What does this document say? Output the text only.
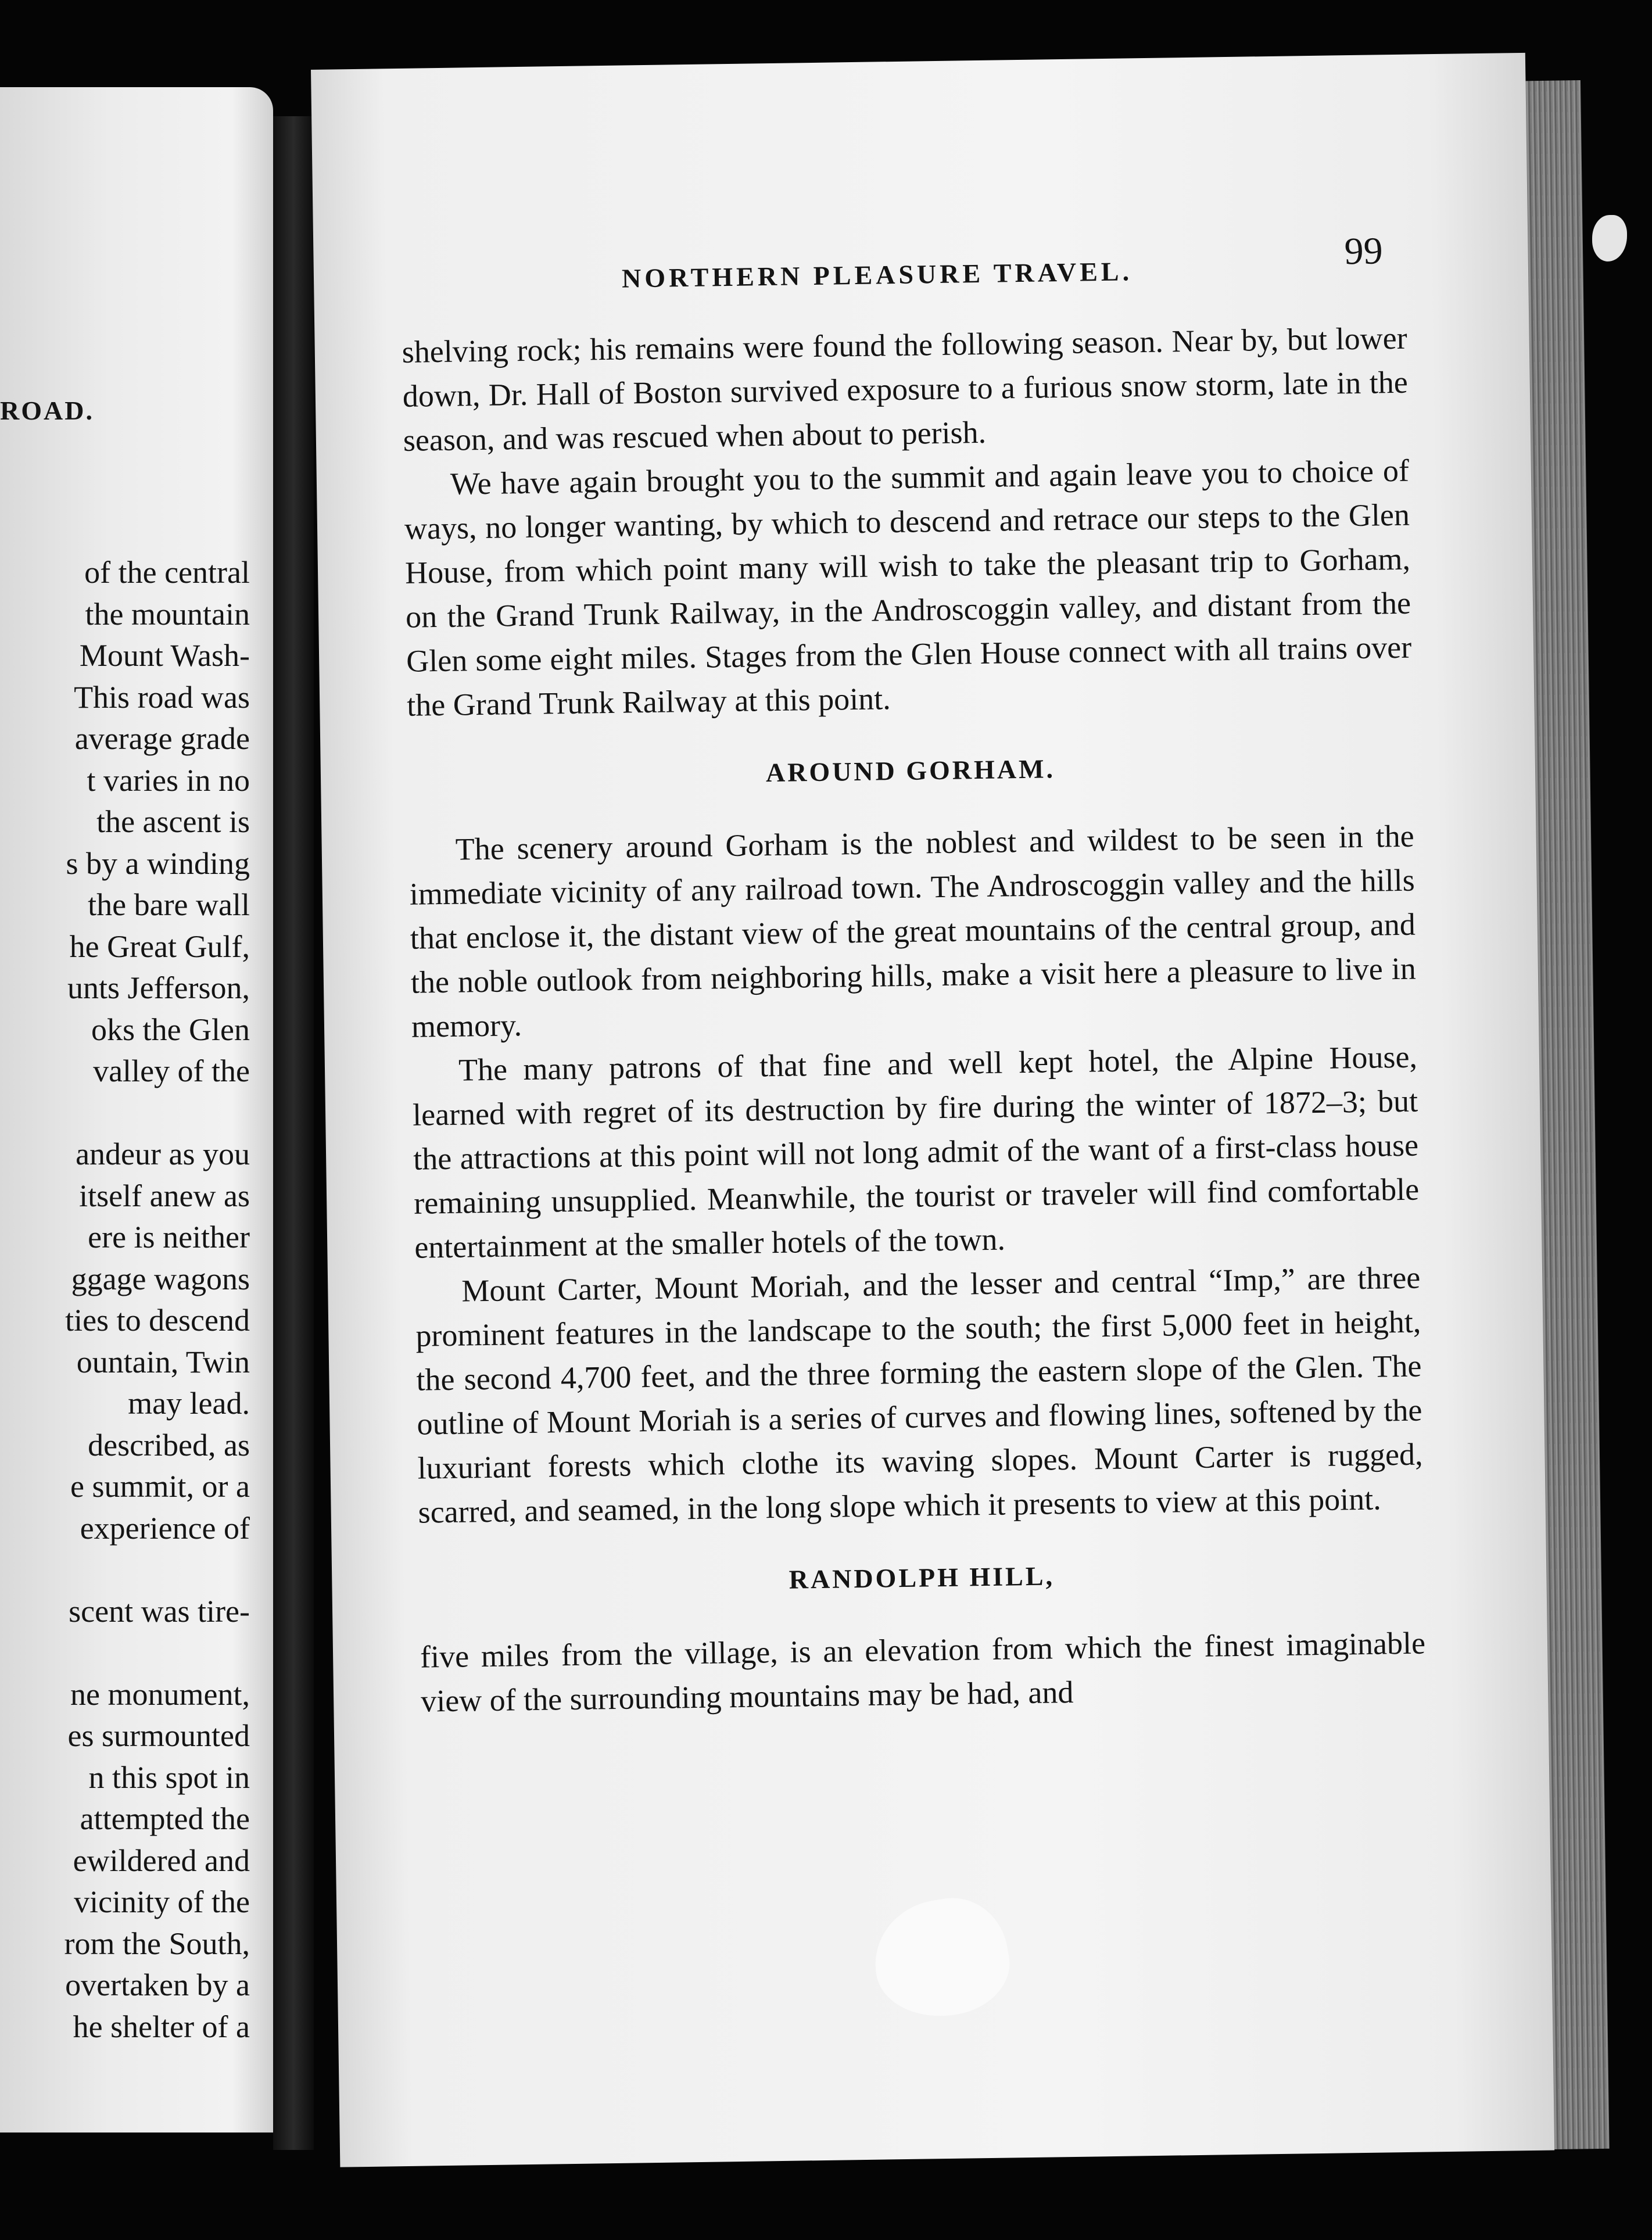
ROAD.
of the central
the mountain
Mount Wash-
This road was
average grade
t varies in no
the ascent is
s by a winding
the bare wall
he Great Gulf,
unts Jefferson,
oks the Glen
valley of the
andeur as you
itself anew as
ere is neither
ggage wagons
ties to descend
ountain, Twin
may lead.
described, as
e summit, or a
experience of
scent was tire-
ne monument,
es surmounted
n this spot in
attempted the
ewildered and
vicinity of the
rom the South,
overtaken by a
he shelter of a
NORTHERN PLEASURE TRAVEL.
99

shelving rock; his remains were found the following season. Near by, but lower down, Dr. Hall of Boston survived exposure to a furious snow storm, late in the season, and was rescued when about to perish.

We have again brought you to the summit and again leave you to choice of ways, no longer wanting, by which to descend and retrace our steps to the Glen House, from which point many will wish to take the pleasant trip to Gorham, on the Grand Trunk Railway, in the Androscoggin valley, and distant from the Glen some eight miles. Stages from the Glen House connect with all trains over the Grand Trunk Railway at this point.

AROUND GORHAM.

The scenery around Gorham is the noblest and wildest to be seen in the immediate vicinity of any railroad town. The Androscoggin valley and the hills that enclose it, the distant view of the great mountains of the central group, and the noble outlook from neighboring hills, make a visit here a pleasure to live in memory.

The many patrons of that fine and well kept hotel, the Alpine House, learned with regret of its destruction by fire during the winter of 1872–3; but the attractions at this point will not long admit of the want of a first-class house remaining unsupplied. Meanwhile, the tourist or traveler will find comfortable entertainment at the smaller hotels of the town.

Mount Carter, Mount Moriah, and the lesser and central “Imp,” are three prominent features in the landscape to the south; the first 5,000 feet in height, the second 4,700 feet, and the three forming the eastern slope of the Glen. The outline of Mount Moriah is a series of curves and flowing lines, softened by the luxuriant forests which clothe its waving slopes. Mount Carter is rugged, scarred, and seamed, in the long slope which it presents to view at this point.

RANDOLPH HILL,

five miles from the village, is an elevation from which the finest imaginable view of the surrounding mountains may be had, and
